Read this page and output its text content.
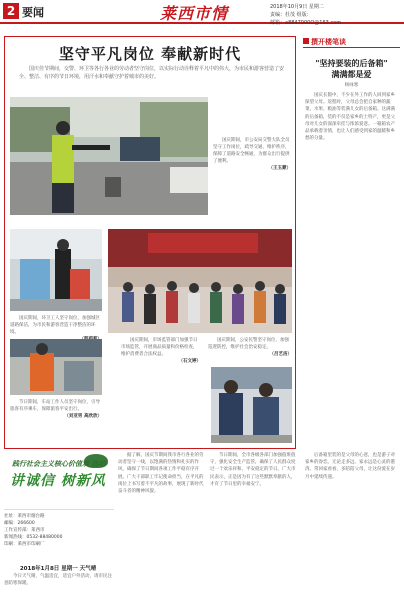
2 要闻	莱西市情	2018年10月9日 星期二
责编：杜茂 组版：
邮箱：a8847000O@163.com
坚守平凡岗位 奉献新时代
国庆佳节期间，交警、环卫等各行各业的劳动者坚守岗位，以实际行动诠释着平凡中的伟大，为市民和游客营造了安全、整洁、有序的节日环境，用汗水和奉献守护着城市的美好。
国庆期间，市公安局交警大队全员坚守工作岗位，疏导交通、维护秩序，保障了道路安全畅通，为群众出行提供了便利。
（王玉蒙）
国庆期间，环卫工人坚守岗位，加强城区道路保洁，为市民和游客营造干净整洁的环境。
节日期间，车站工作人员坚守岗位，引导旅客有序乘车，保障旅客平安出行。
（刘亚男 高欣欣）
国庆期间，市场监管部门加强节日市场监管，开展商品质量和价格检查，维护消费者合法权益。
（石文婷）
国庆期间，公安民警坚守岗位，加强巡逻防控，维护社会治安稳定。
（吕艺洁）
撰开楼笔谈
"坚持要装的后备箱"
满满都是爱
杨咏寒
国庆长假中，不少在外工作的人回到家乡探望父母。返程时，父母总会把自家种的蔬菜、水果、粮油等装满儿女的后备箱。这满满的后备箱，装的不仅是家乡的土特产，更是父母对儿女的深深牵挂与浓浓爱意。一箱箱农产品承载着亲情，也让人们感受到家的温暖和乡愁的分量。
后备箱里装的是父母的心意，也是游子对家乡的眷恋。无论走多远，家永远是心灵的港湾。常回家看看，多陪陪父母，让这份爱在岁月中延续传递。
践行社会主义核心价值观 活动
讲诚信 树新风
社址：莱西市烟台路
邮编：266600
工作宣传部：莱西市
新闻热线：0532-88480000
印刷：莱西市印刷厂
2018年1月8日 星期一 天气晴
今日天气晴，气温适宜，适宜户外活动，请市民注意防寒保暖。
据了解，国庆节期间我市各行各业的劳动者坚守一线，以饱满的热情和扎实的作风，确保了节日期间各项工作平稳有序开展。广大干部职工牢记使命担当，在平凡的岗位上书写着不平凡的故事，展现了新时代奋斗者的精神风貌。
节日期间，全市各级各部门加强值班值守，强化安全生产监管，确保了人民群众度过一个欢乐祥和、平安稳定的节日。广大市民表示，正是因为有了这些默默奉献的人，才有了节日里的幸福安宁。
